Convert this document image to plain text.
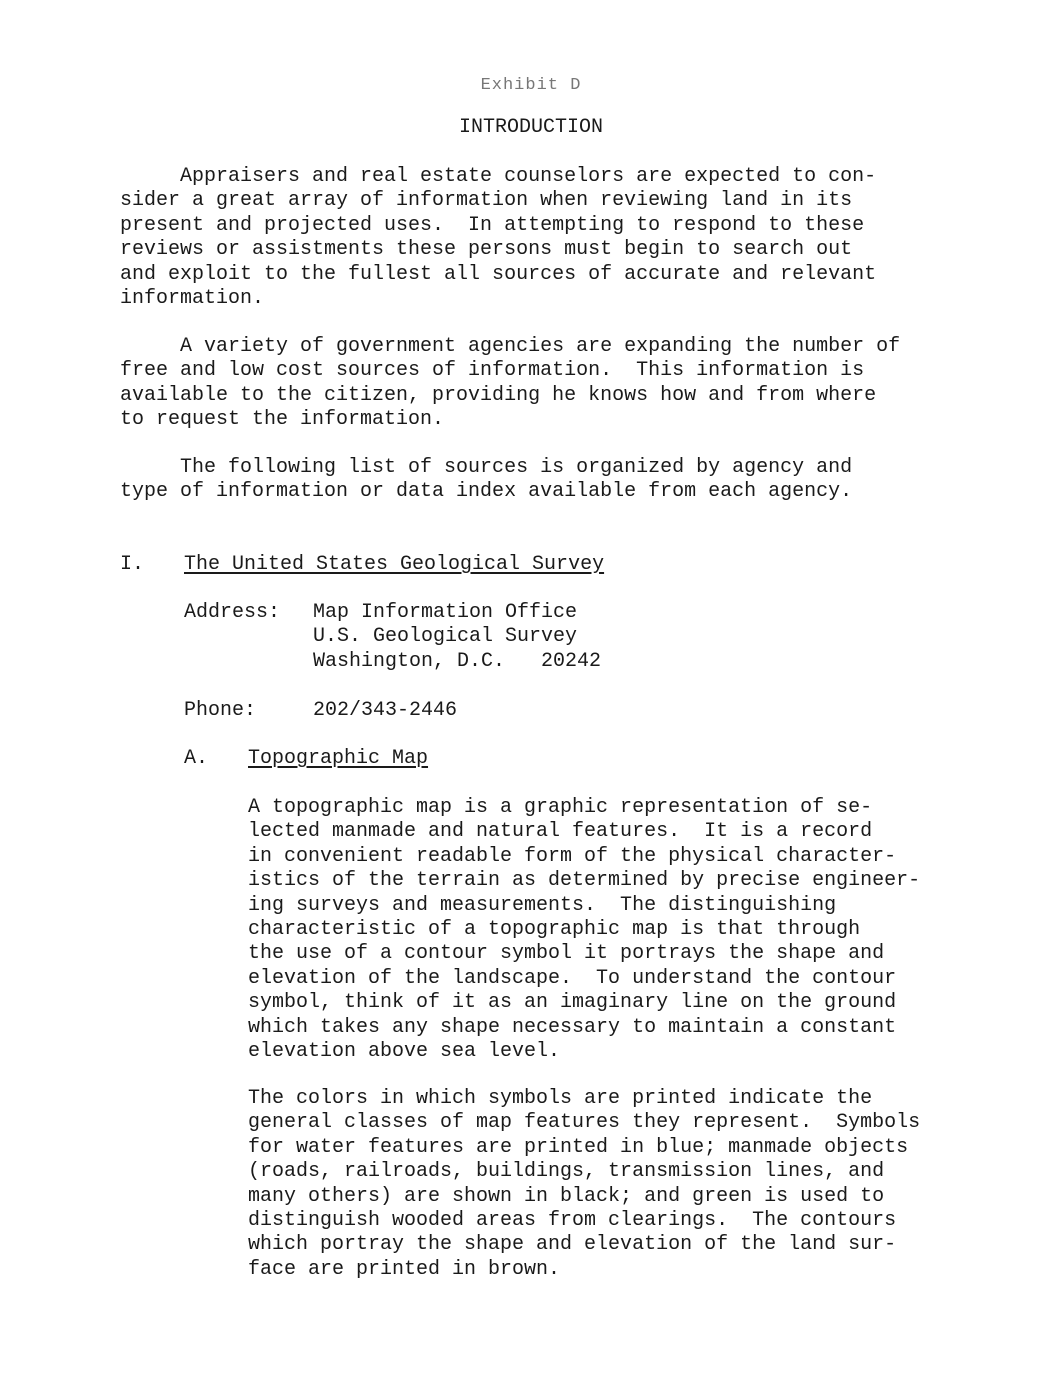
Exhibit D
INTRODUCTION

Appraisers and real estate counselors are expected to con-
sider a great array of information when reviewing land in its
present and projected uses.  In attempting to respond to these
reviews or assistments these persons must begin to search out
and exploit to the fullest all sources of accurate and relevant
information.

A variety of government agencies are expanding the number of
free and low cost sources of information.  This information is
available to the citizen, providing he knows how and from where
to request the information.

The following list of sources is organized by agency and
type of information or data index available from each agency.

I. The United States Geological Survey
Address: Map Information Office
U.S. Geological Survey
Washington, D.C.   20242

Phone:	202/343-2446
A. Topographic Map

A topographic map is a graphic representation of se-
lected manmade and natural features.  It is a record
in convenient readable form of the physical character-
istics of the terrain as determined by precise engineer-
ing surveys and measurements.  The distinguishing
characteristic of a topographic map is that through
the use of a contour symbol it portrays the shape and
elevation of the landscape.  To understand the contour
symbol, think of it as an imaginary line on the ground
which takes any shape necessary to maintain a constant
elevation above sea level.

The colors in which symbols are printed indicate the
general classes of map features they represent.  Symbols
for water features are printed in blue; manmade objects
(roads, railroads, buildings, transmission lines, and
many others) are shown in black; and green is used to
distinguish wooded areas from clearings.  The contours
which portray the shape and elevation of the land sur-
face are printed in brown.
